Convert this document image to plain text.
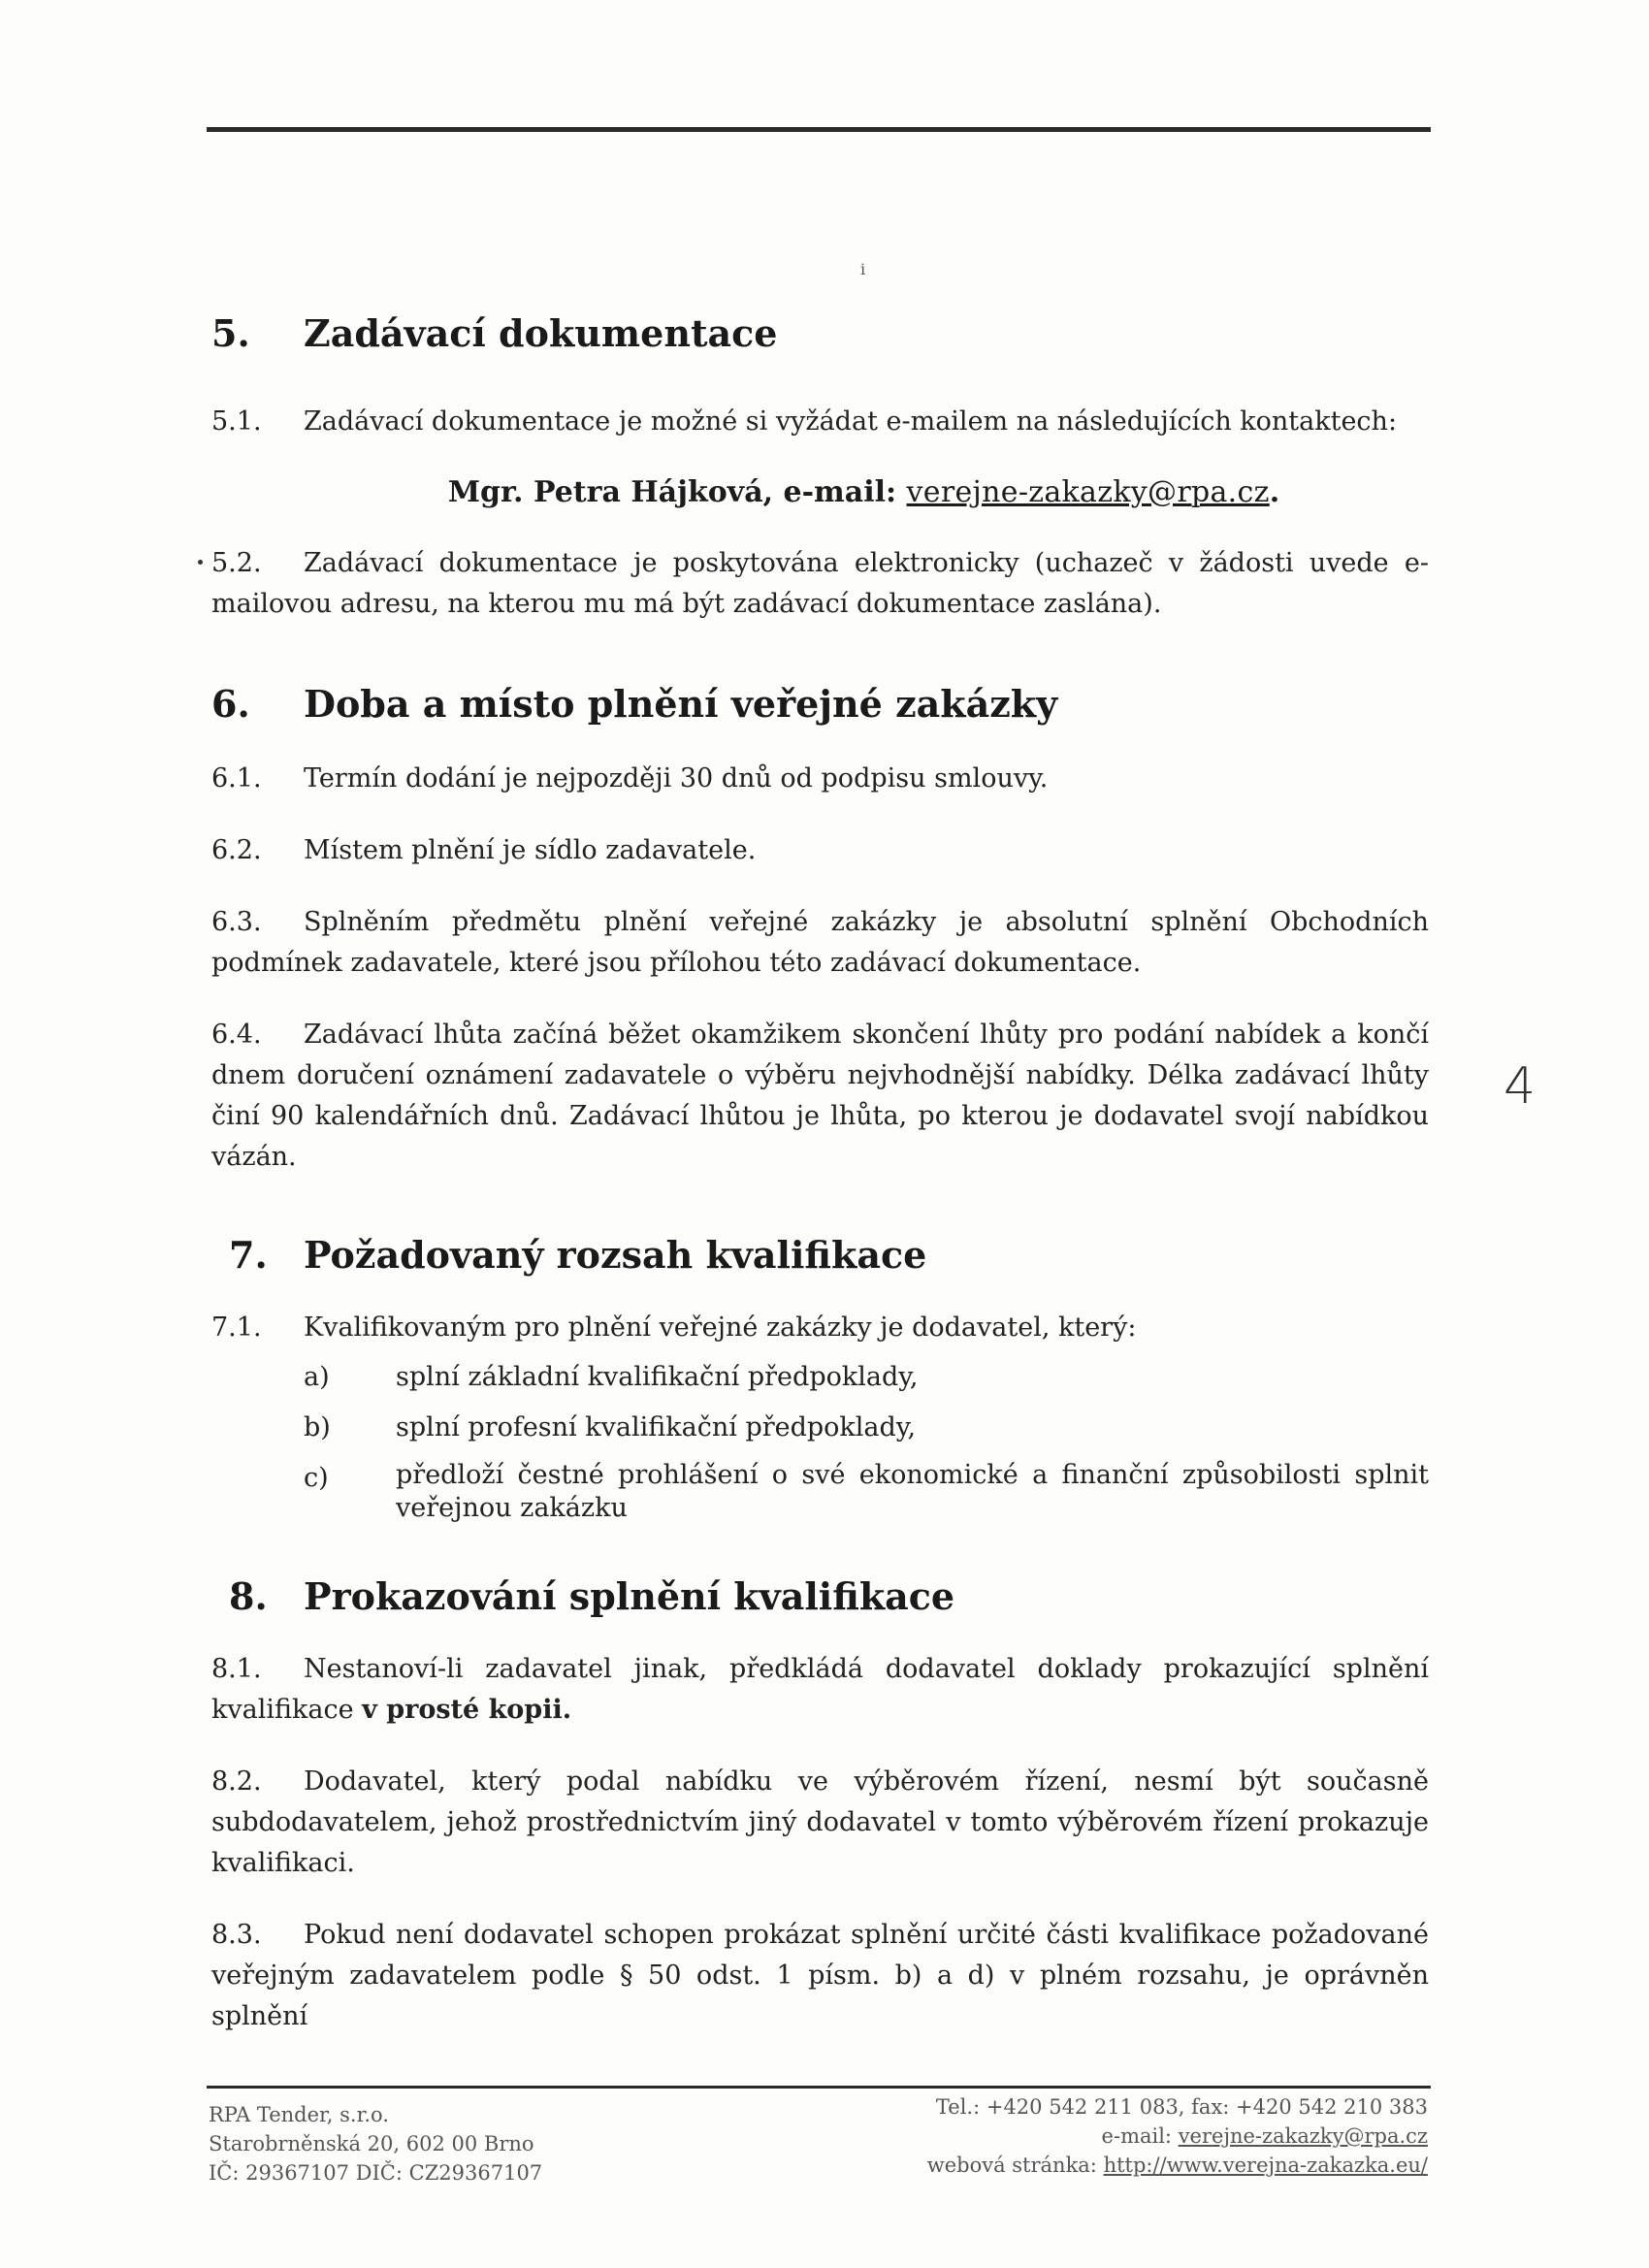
ⅰ
5.	Zadávací dokumentace

5.1. Zadávací dokumentace je možné si vyžádat e-mailem na následujících kontaktech:

Mgr. Petra Hájková, e-mail: verejne-zakazky@rpa.cz.

5.2. Zadávací dokumentace je poskytována elektronicky (uchazeč v žádosti uvede e-mailovou adresu, na kterou mu má být zadávací dokumentace zaslána).

6.	Doba a místo plnění veřejné zakázky

6.1. Termín dodání je nejpozději 30 dnů od podpisu smlouvy.

6.2. Místem plnění je sídlo zadavatele.

6.3. Splněním předmětu plnění veřejné zakázky je absolutní splnění Obchodních podmínek zadavatele, které jsou přílohou této zadávací dokumentace.

6.4. Zadávací lhůta začíná běžet okamžikem skončení lhůty pro podání nabídek a končí dnem doručení oznámení zadavatele o výběru nejvhodnější nabídky. Délka zadávací lhůty činí 90 kalendářních dnů. Zadávací lhůtou je lhůta, po kterou je dodavatel svojí nabídkou vázán.

7. Požadovaný rozsah kvalifikace

7.1. Kvalifikovaným pro plnění veřejné zakázky je dodavatel, který:

a)	splní základní kvalifikační předpoklady,
b)	splní profesní kvalifikační předpoklady,
c)	předloží čestné prohlášení o své ekonomické a finanční způsobilosti splnit veřejnou zakázku
8. Prokazování splnění kvalifikace

8.1. Nestanoví-li zadavatel jinak, předkládá dodavatel doklady prokazující splnění kvalifikace v prosté kopii.

8.2. Dodavatel, který podal nabídku ve výběrovém řízení, nesmí být současně subdodavatelem, jehož prostřednictvím jiný dodavatel v tomto výběrovém řízení prokazuje kvalifikaci.

8.3. Pokud není dodavatel schopen prokázat splnění určité části kvalifikace požadované veřejným zadavatelem podle § 50 odst. 1 písm. b) a d) v plném rozsahu, je oprávněn splnění

4
RPA Tender, s.r.o.
Starobrněnská 20, 602 00 Brno
IČ: 29367107 DIČ: CZ29367107
Tel.: +420 542 211 083, fax: +420 542 210 383
e-mail: verejne-zakazky@rpa.cz
webová stránka: http://www.verejna-zakazka.eu/
